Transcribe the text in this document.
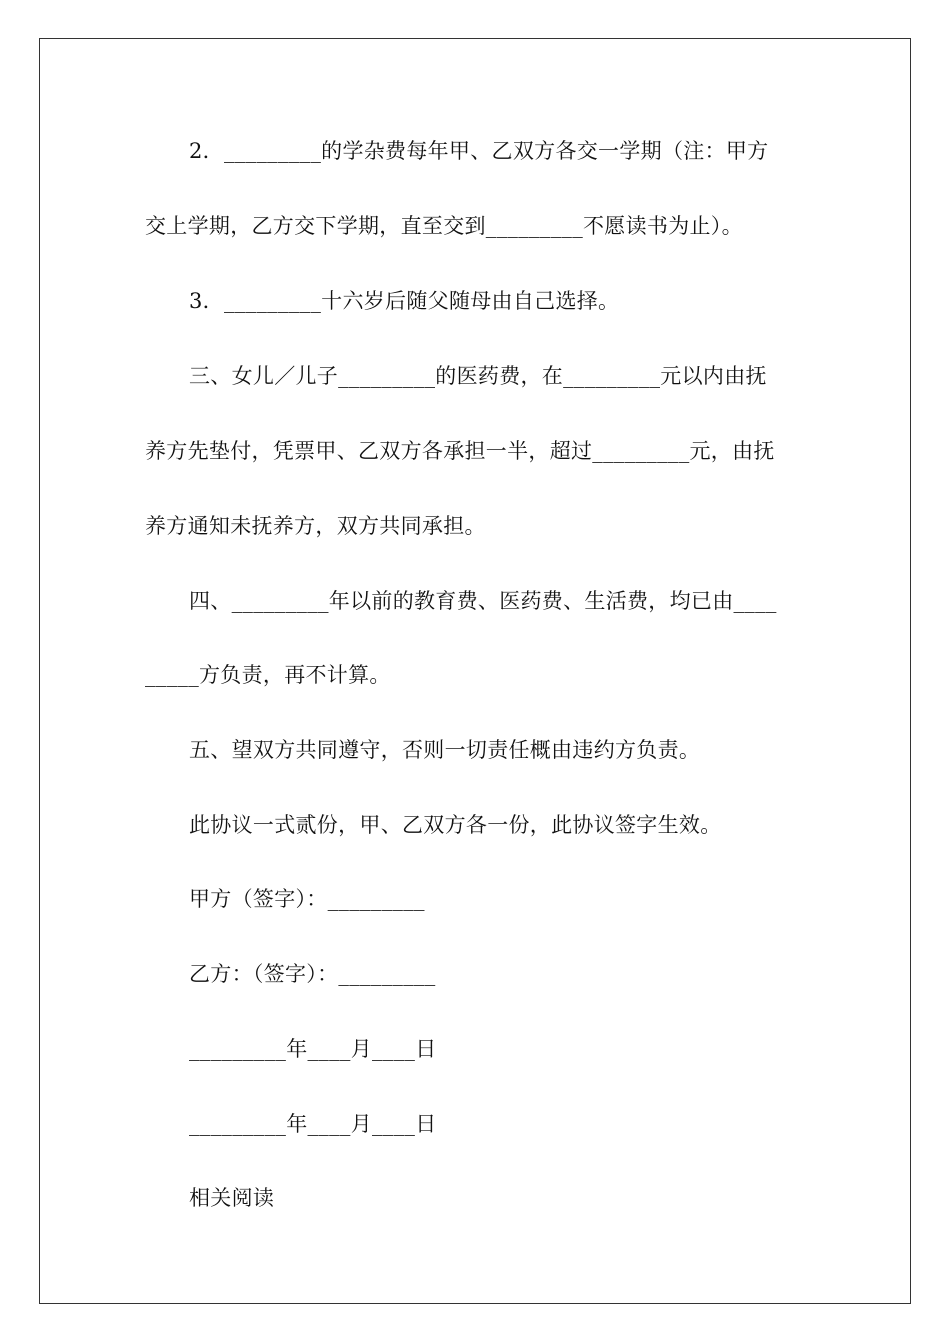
2．_________的学杂费每年甲、乙双方各交一学期（注：甲方
交上学期，乙方交下学期，直至交到_________不愿读书为止）。
3．_________十六岁后随父随母由自己选择。
三、女儿／儿子_________的医药费，在_________元以内由抚
养方先垫付，凭票甲、乙双方各承担一半，超过_________元，由抚
养方通知未抚养方，双方共同承担。
四、_________年以前的教育费、医药费、生活费，均已由____
_____方负责，再不计算。
五、望双方共同遵守，否则一切责任概由违约方负责。
此协议一式贰份，甲、乙双方各一份，此协议签字生效。
甲方（签字）：_________
乙方：（签字）：_________
_________年____月____日
_________年____月____日
相关阅读
